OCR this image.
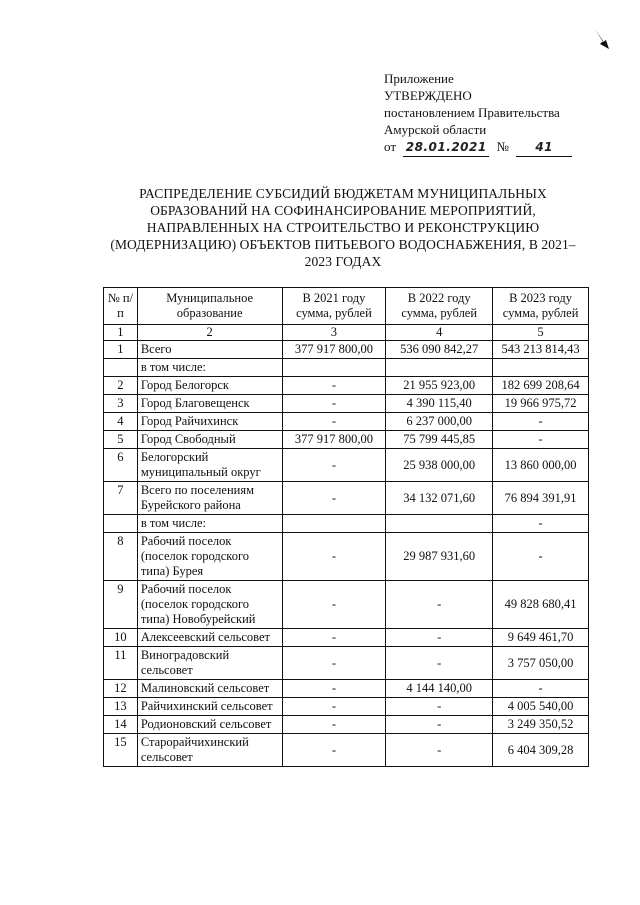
Приложение
УТВЕРЖДЕНО
постановлением Правительства
Амурской области
от 28.01.2021 № 41
РАСПРЕДЕЛЕНИЕ СУБСИДИЙ БЮДЖЕТАМ МУНИЦИПАЛЬНЫХ ОБРАЗОВАНИЙ НА СОФИНАНСИРОВАНИЕ МЕРОПРИЯТИЙ, НАПРАВЛЕННЫХ НА СТРОИТЕЛЬСТВО И РЕКОНСТРУКЦИЮ (МОДЕРНИЗАЦИЮ) ОБЪЕКТОВ ПИТЬЕВОГО ВОДОСНАБЖЕНИЯ, В 2021–2023 ГОДАХ
№ п/п	Муниципальное образование	В 2021 году сумма, рублей	В 2022 году сумма, рублей	В 2023 году сумма, рублей
1	2	3	4	5
1	Всего	377 917 800,00	536 090 842,27	543 213 814,43
	в том числе:			
2	Город Белогорск	-	21 955 923,00	182 699 208,64
3	Город Благовещенск	-	4 390 115,40	19 966 975,72
4	Город Райчихинск	-	6 237 000,00	-
5	Город Свободный	377 917 800,00	75 799 445,85	-
6	Белогорский муниципальный округ	-	25 938 000,00	13 860 000,00
7	Всего по поселениям Бурейского района	-	34 132 071,60	76 894 391,91
	в том числе:			-
8	Рабочий поселок (поселок городского типа) Бурея	-	29 987 931,60	-
9	Рабочий поселок (поселок городского типа) Новобурейский	-	-	49 828 680,41
10	Алексеевский сельсовет	-	-	9 649 461,70
11	Виноградовский сельсовет	-	-	3 757 050,00
12	Малиновский сельсовет	-	4 144 140,00	-
13	Райчихинский сельсовет	-	-	4 005 540,00
14	Родионовский сельсовет	-	-	3 249 350,52
15	Старорайчихинский сельсовет	-	-	6 404 309,28
